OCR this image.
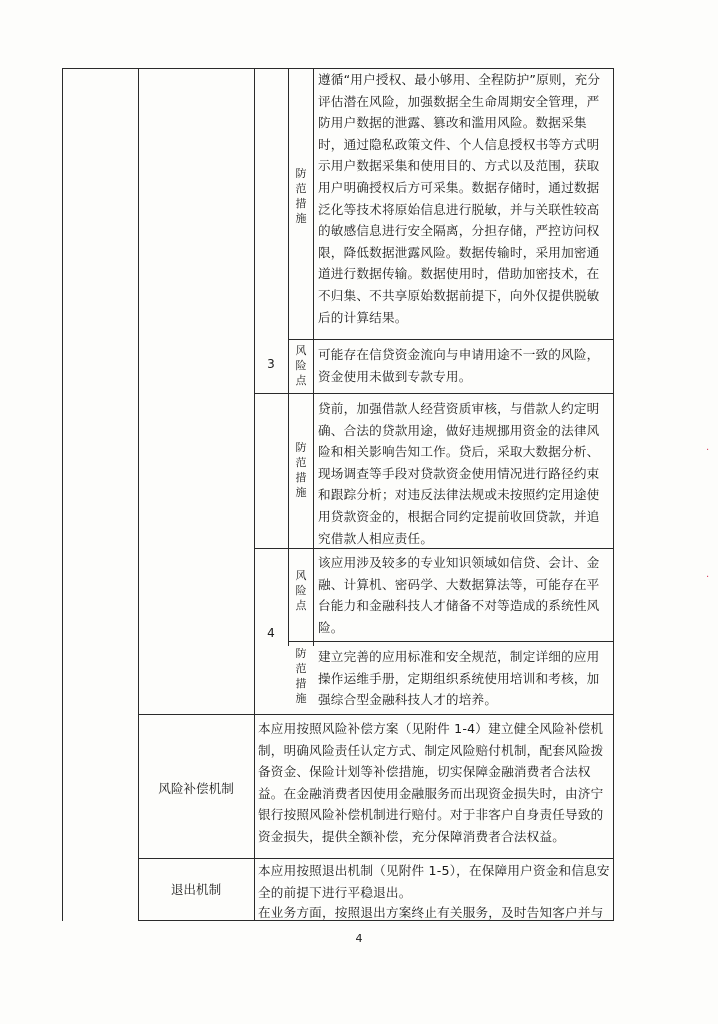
防
范
措
施
遵循“用户授权、最小够用、全程防护”原则，充分评估潜在风险，加强数据全生命周期安全管理，严防用户数据的泄露、篡改和滥用风险。数据采集时，通过隐私政策文件、个人信息授权书等方式明示用户数据采集和使用目的、方式以及范围，获取用户明确授权后方可采集。数据存储时，通过数据泛化等技术将原始信息进行脱敏，并与关联性较高的敏感信息进行安全隔离，分担存储，严控访问权限，降低数据泄露风险。数据传输时，采用加密通道进行数据传输。数据使用时，借助加密技术，在不归集、不共享原始数据前提下，向外仅提供脱敏后的计算结果。
3
风
险
点
可能存在信贷资金流向与申请用途不一致的风险，资金使用未做到专款专用。
防
范
措
施
贷前，加强借款人经营资质审核，与借款人约定明确、合法的贷款用途，做好违规挪用资金的法律风险和相关影响告知工作。贷后，采取大数据分析、现场调查等手段对贷款资金使用情况进行路径约束和跟踪分析；对违反法律法规或未按照约定用途使用贷款资金的，根据合同约定提前收回贷款，并追究借款人相应责任。
4
风
险
点
该应用涉及较多的专业知识领域如信贷、会计、金融、计算机、密码学、大数据算法等，可能存在平台能力和金融科技人才储备不对等造成的系统性风险。
防
范
措
施
建立完善的应用标准和安全规范，制定详细的应用操作运维手册，定期组织系统使用培训和考核，加强综合型金融科技人才的培养。
风险补偿机制
本应用按照风险补偿方案（见附件 1-4）建立健全风险补偿机制，明确风险责任认定方式、制定风险赔付机制，配套风险拨备资金、保险计划等补偿措施，切实保障金融消费者合法权益。在金融消费者因使用金融服务而出现资金损失时，由济宁银行按照风险补偿机制进行赔付。对于非客户自身责任导致的资金损失，提供全额补偿，充分保障消费者合法权益。
退出机制
本应用按照退出机制（见附件 1-5），在保障用户资金和信息安全的前提下进行平稳退出。
在业务方面，按照退出方案终止有关服务，及时告知客户并与
4
·
·
